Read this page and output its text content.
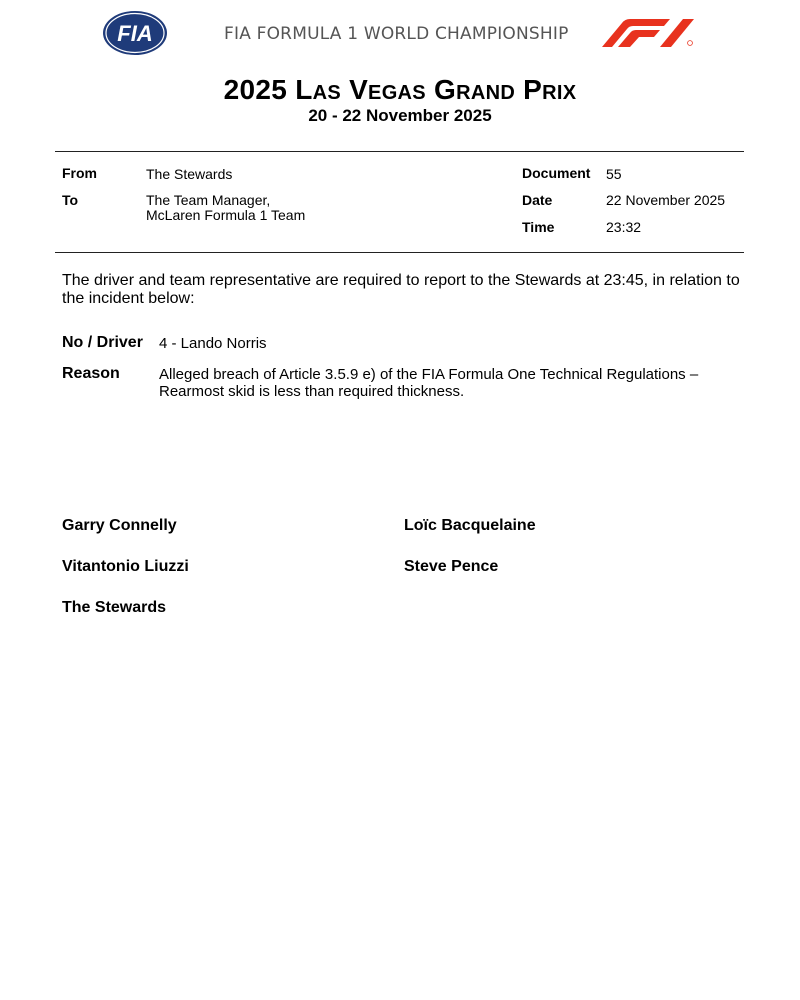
FIA	FIA FORMULA 1 WORLD CHAMPIONSHIP
2025 Las Vegas Grand Prix
20 - 22 November 2025
From	The Stewards
To	The Team Manager,
McLaren Formula 1 Team
Document 55
Date	22 November 2025
Time	23:32
The driver and team representative are required to report to the Stewards at 23:45, in relation to the incident below:
No / Driver 4 - Lando Norris
Reason	Alleged breach of Article 3.5.9 e) of the FIA Formula One Technical Regulations – Rearmost skid is less than required thickness.
Garry Connelly	Loïc Bacquelaine
Vitantonio Liuzzi	Steve Pence
The Stewards
